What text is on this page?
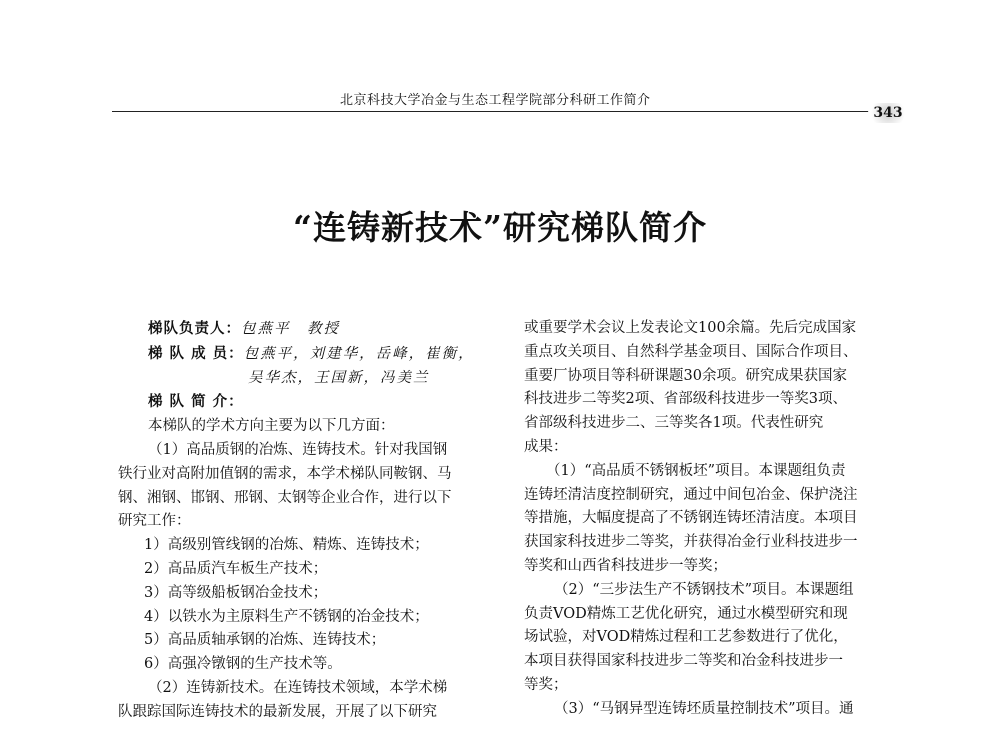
北京科技大学冶金与生态工程学院部分科研工作简介
343
“连铸新技术”研究梯队简介

梯队负责人：包燕平　教授

梯 队 成 员：包燕平，刘建华，岳峰，崔衡，

吴华杰，王国新，冯美兰

梯 队 简 介：

本梯队的学术方向主要为以下几方面：

（1）高品质钢的冶炼、连铸技术。针对我国钢

铁行业对高附加值钢的需求，本学术梯队同鞍钢、马

钢、湘钢、邯钢、邢钢、太钢等企业合作，进行以下

研究工作：

1）高级别管线钢的冶炼、精炼、连铸技术；

2）高品质汽车板生产技术；

3）高等级船板钢冶金技术；

4）以铁水为主原料生产不锈钢的冶金技术；

5）高品质轴承钢的冶炼、连铸技术；

6）高强冷镦钢的生产技术等。

（2）连铸新技术。在连铸技术领域，本学术梯

队跟踪国际连铸技术的最新发展，开展了以下研究

或重要学术会议上发表论文100余篇。先后完成国家

重点攻关项目、自然科学基金项目、国际合作项目、

重要厂协项目等科研课题30余项。研究成果获国家

科技进步二等奖2项、省部级科技进步一等奖3项、

省部级科技进步二、三等奖各1项。代表性研究

成果：

（1）“高品质不锈钢板坯”项目。本课题组负责

连铸坯清洁度控制研究，通过中间包冶金、保护浇注

等措施，大幅度提高了不锈钢连铸坯清洁度。本项目

获国家科技进步二等奖，并获得冶金行业科技进步一

等奖和山西省科技进步一等奖；

（2）“三步法生产不锈钢技术”项目。本课题组

负责VOD精炼工艺优化研究，通过水模型研究和现

场试验，对VOD精炼过程和工艺参数进行了优化，

本项目获得国家科技进步二等奖和冶金科技进步一

等奖；

（3）“马钢异型连铸坯质量控制技术”项目。通
